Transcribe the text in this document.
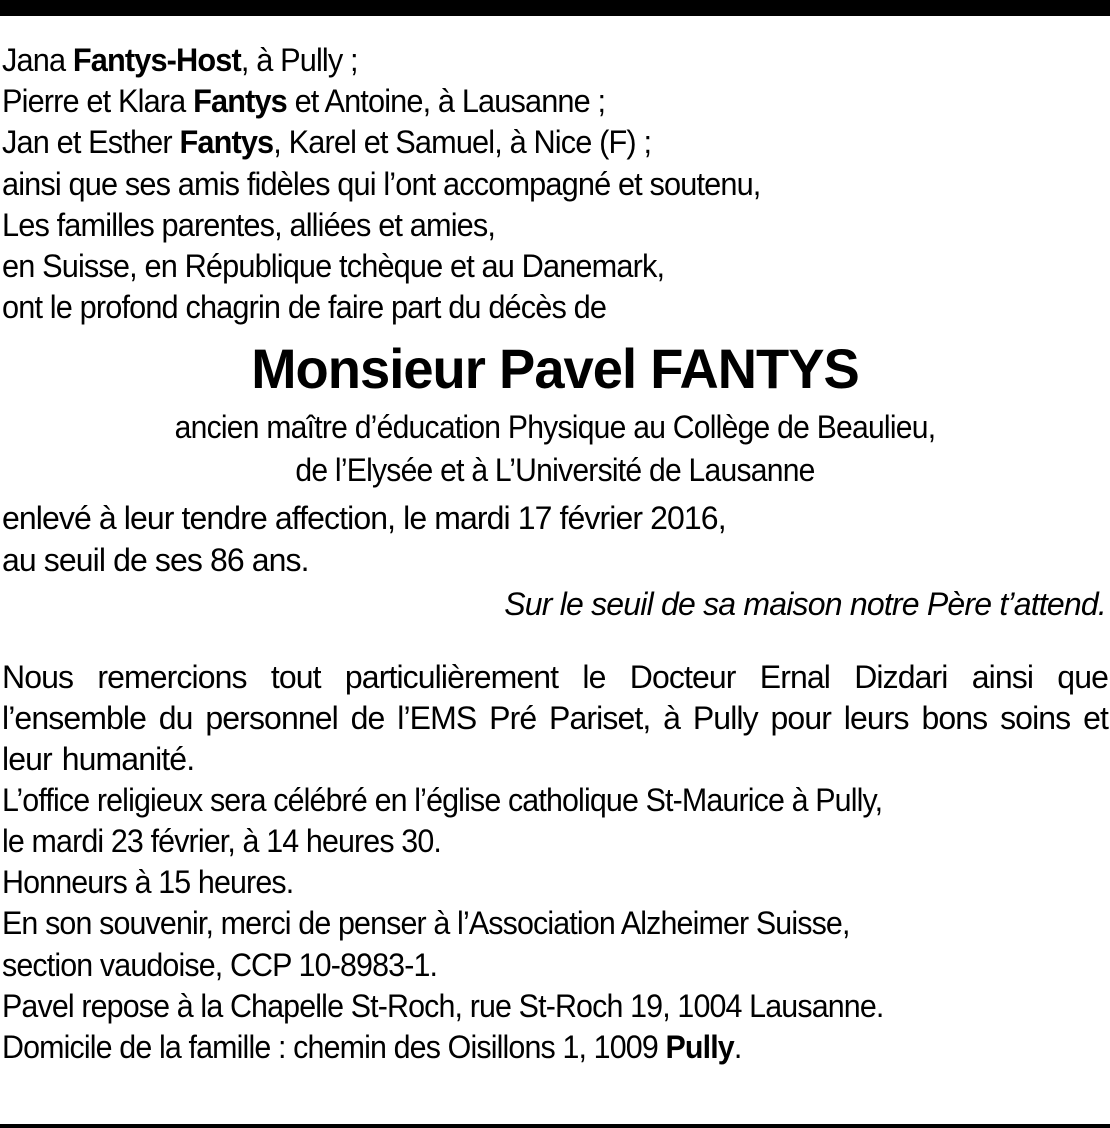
Jana Fantys-Host, à Pully ;
Pierre et Klara Fantys et Antoine, à Lausanne ;
Jan et Esther Fantys, Karel et Samuel, à Nice (F) ;
ainsi que ses amis fidèles qui l’ont accompagné et soutenu,
Les familles parentes, alliées et amies,
en Suisse, en République tchèque et au Danemark,
ont le profond chagrin de faire part du décès de
Monsieur Pavel FANTYS
ancien maître d’éducation Physique au Collège de Beaulieu,
de l’Elysée et à L’Université de Lausanne
enlevé à leur tendre affection, le mardi 17 février 2016,
au seuil de ses 86 ans.
Sur le seuil de sa maison notre Père t’attend.
Nous remercions tout particulièrement le Docteur Ernal Dizdari ainsi que l’ensemble du personnel de l’EMS Pré Pariset, à Pully pour leurs bons soins et leur humanité.
L’office religieux sera célébré en l’église catholique St-Maurice à Pully,
le mardi 23 février, à 14 heures 30.
Honneurs à 15 heures.
En son souvenir, merci de penser à l’Association Alzheimer Suisse,
section vaudoise, CCP 10-8983-1.
Pavel repose à la Chapelle St-Roch, rue St-Roch 19, 1004 Lausanne.
Domicile de la famille : chemin des Oisillons 1, 1009 Pully.
